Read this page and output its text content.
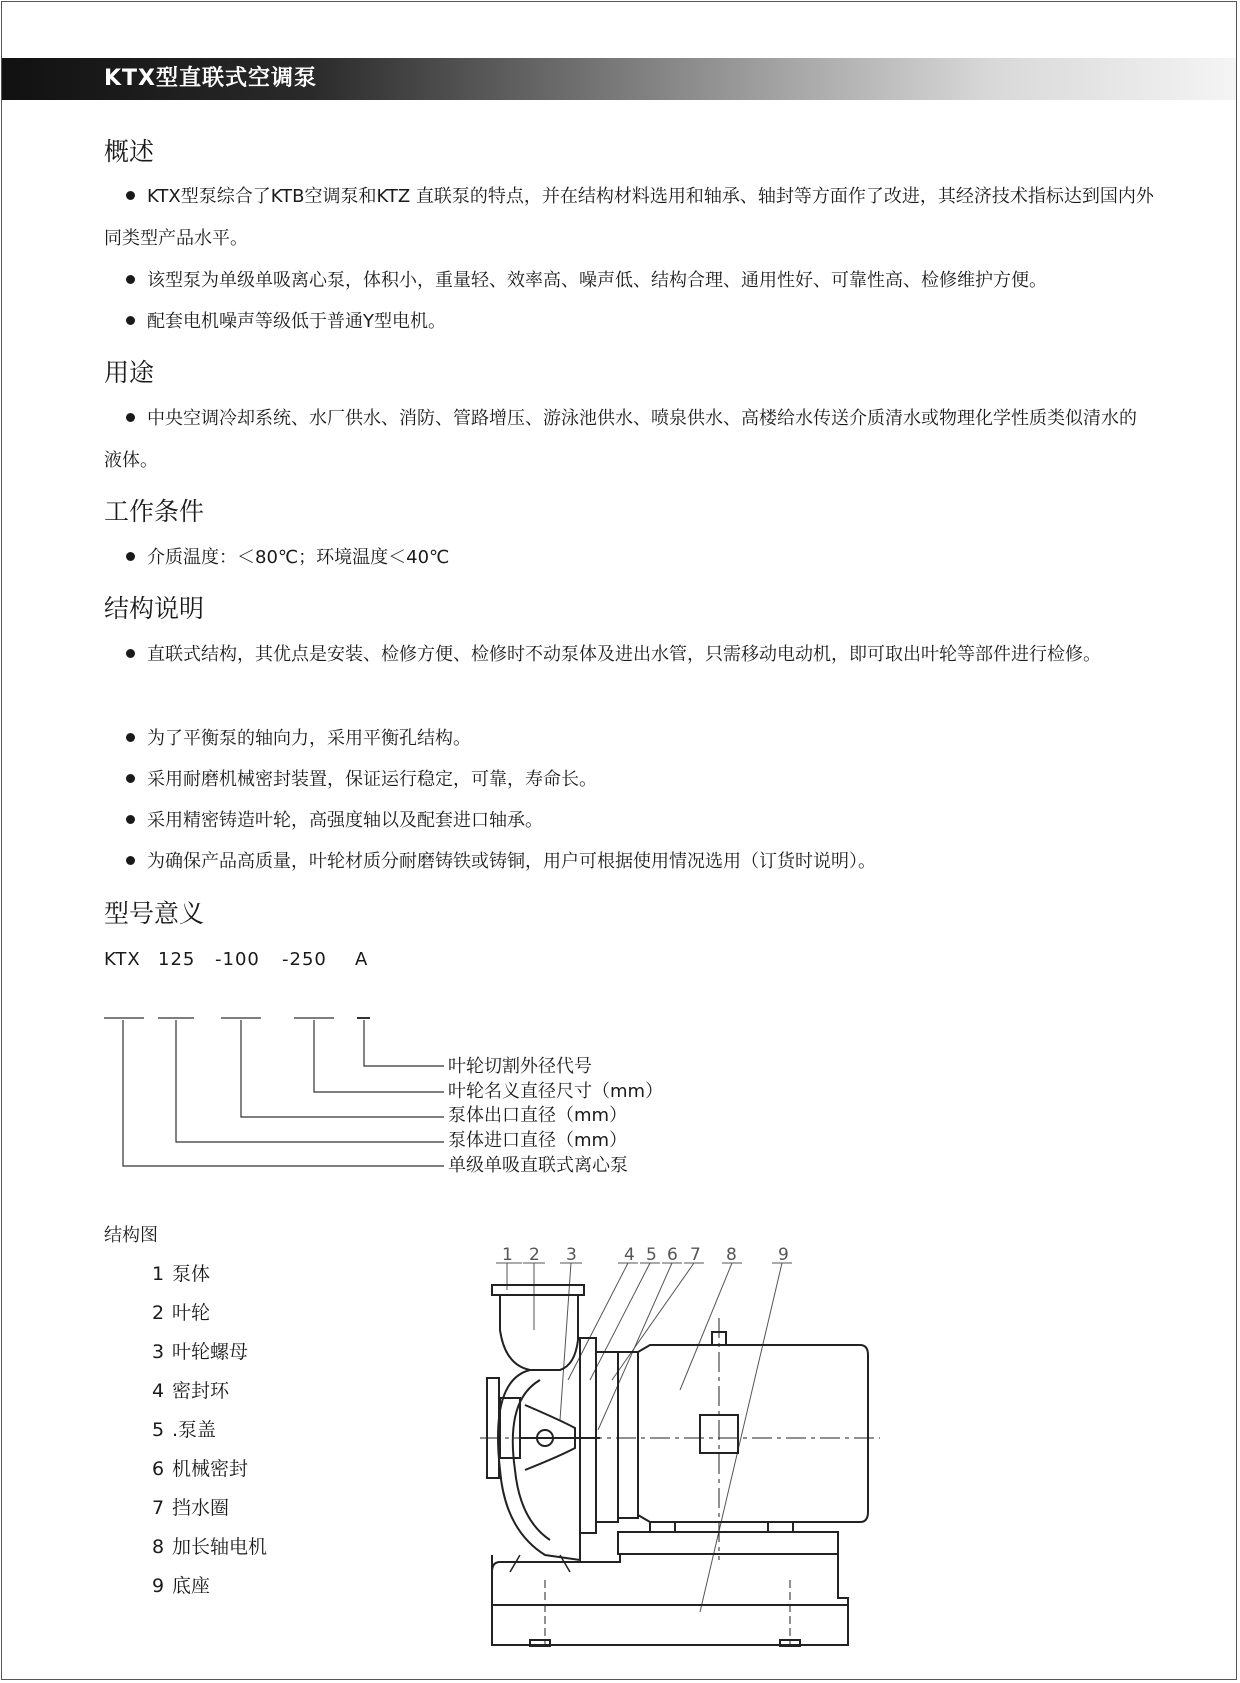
KTX型直联式空调泵
概述
KTX型泵综合了KTB空调泵和KTZ 直联泵的特点，并在结构材料选用和轴承、轴封等方面作了改进，其经济技术指标达到国内外同类型产品水平。
该型泵为单级单吸离心泵，体积小，重量轻、效率高、噪声低、结构合理、通用性好、可靠性高、检修维护方便。
配套电机噪声等级低于普通Y型电机。
用途
中央空调冷却系统、水厂供水、消防、管路增压、游泳池供水、喷泉供水、高楼给水传送介质清水或物理化学性质类似清水的液体。
工作条件
介质温度：＜80℃；环境温度＜40℃
结构说明
直联式结构，其优点是安装、检修方便、检修时不动泵体及进出水管，只需移动电动机，即可取出叶轮等部件进行检修。
为了平衡泵的轴向力，采用平衡孔结构。
采用耐磨机械密封装置，保证运行稳定，可靠，寿命长。
采用精密铸造叶轮，高强度轴以及配套进口轴承。
为确保产品高质量，叶轮材质分耐磨铸铁或铸铜，用户可根据使用情况选用（订货时说明）。
型号意义
KTX 125 -100 -250 A
叶轮切割外径代号
叶轮名义直径尺寸（mm）
泵体出口直径（mm）
泵体进口直径（mm）
单级单吸直联式离心泵
结构图
1 泵体
2 叶轮
3 叶轮螺母
4 密封环
5 .泵盖
6 机械密封
7 挡水圈
8 加长轴电机
9 底座
1 2 3	4 5 6 7 8 9
